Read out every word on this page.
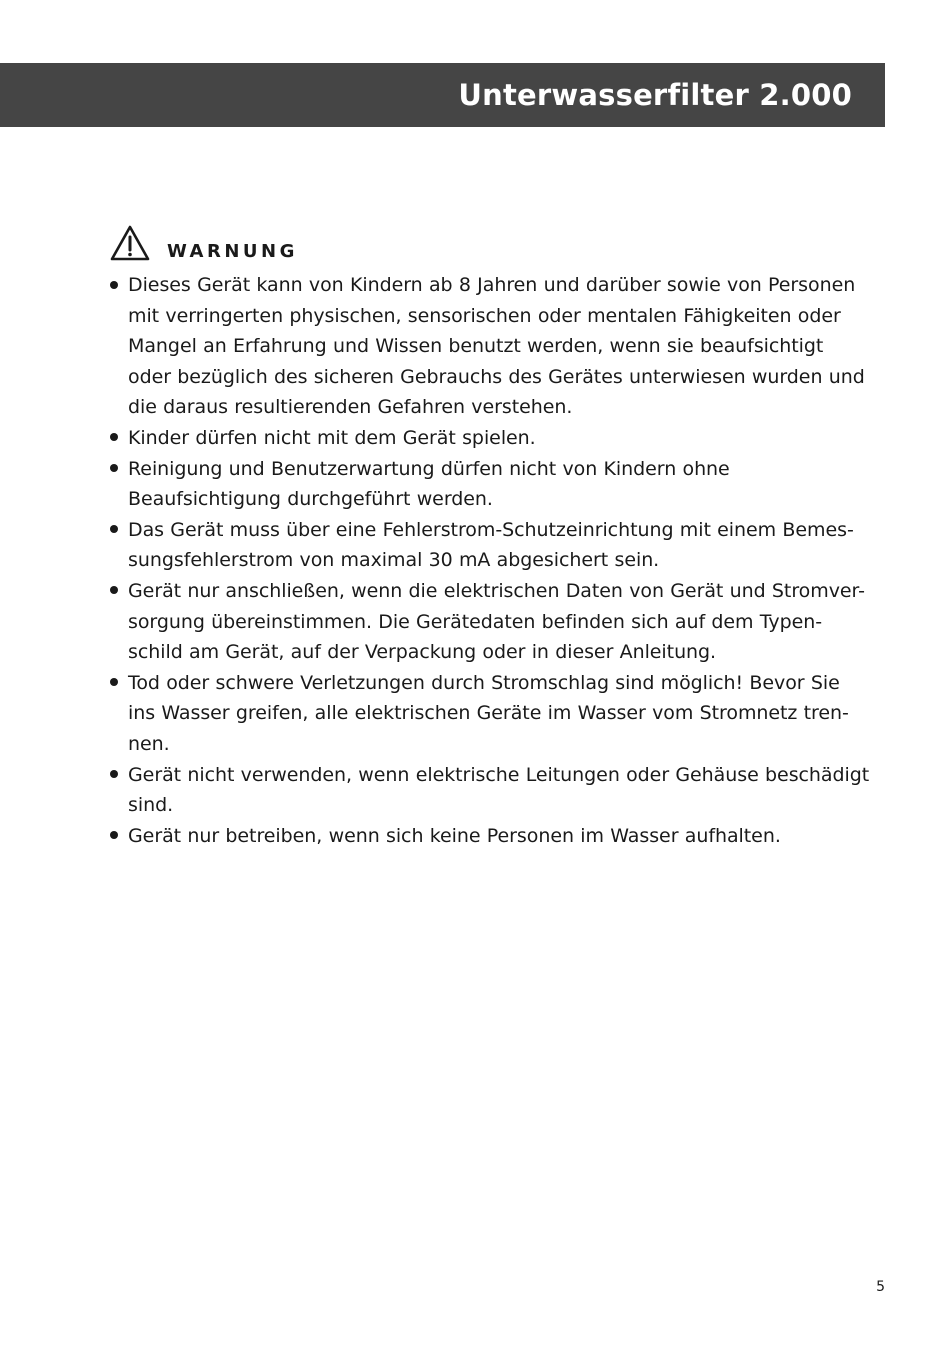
Unterwasserfilter 2.000
WARNUNG
Dieses Gerät kann von Kindern ab 8 Jahren und darüber sowie von Personen
mit verringerten physischen, sensorischen oder mentalen Fähigkeiten oder
Mangel an Erfahrung und Wissen benutzt werden, wenn sie beaufsichtigt
oder bezüglich des sicheren Gebrauchs des Gerätes unterwiesen wurden und
die daraus resultierenden Gefahren verstehen.
Kinder dürfen nicht mit dem Gerät spielen.
Reinigung und Benutzerwartung dürfen nicht von Kindern ohne
Beaufsichtigung durchgeführt werden.
Das Gerät muss über eine Fehlerstrom-Schutzeinrichtung mit einem Bemes-
sungsfehlerstrom von maximal 30 mA abgesichert sein.
Gerät nur anschließen, wenn die elektrischen Daten von Gerät und Stromver-
sorgung übereinstimmen. Die Gerätedaten befinden sich auf dem Typen-
schild am Gerät, auf der Verpackung oder in dieser Anleitung.
Tod oder schwere Verletzungen durch Stromschlag sind möglich! Bevor Sie
ins Wasser greifen, alle elektrischen Geräte im Wasser vom Stromnetz tren-
nen.
Gerät nicht verwenden, wenn elektrische Leitungen oder Gehäuse beschädigt
sind.
Gerät nur betreiben, wenn sich keine Personen im Wasser aufhalten.
5
